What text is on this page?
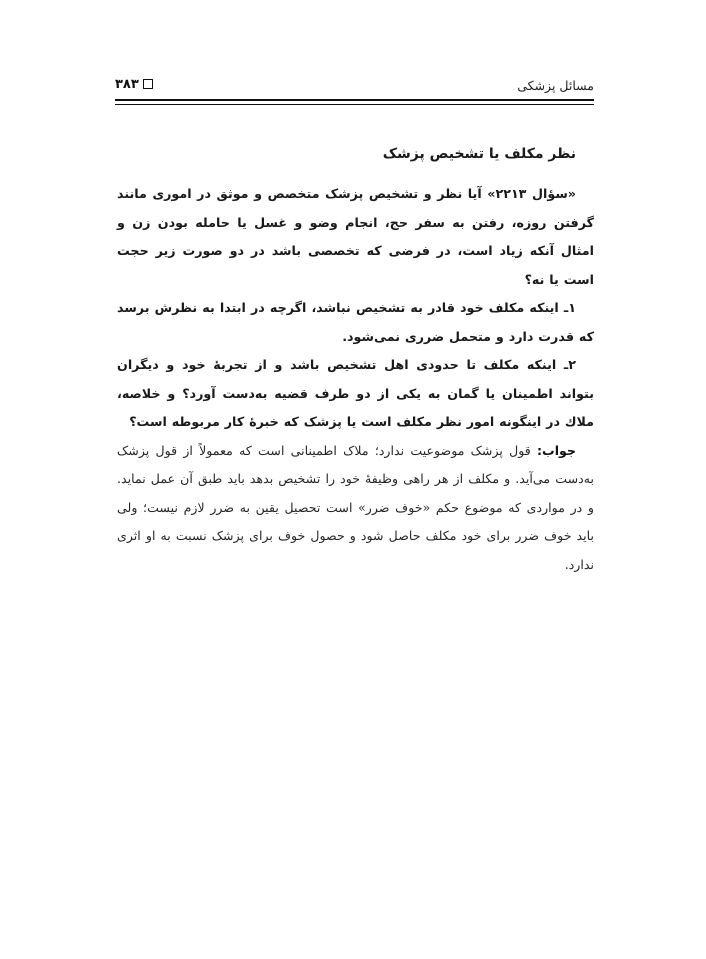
مسائل پزشکی
۳۸۳
نظر مکلف یا تشخیص پزشک

«سؤال ۲۲۱۳» آیا نظر و تشخیص پزشک متخصص و موثق در اموری مانند گرفتن روزه، رفتن به سفر حج، انجام وضو و غسل یا حامله بودن زن و امثال آنکه زیاد است، در فرضی که تخصصی باشد در دو صورت زیر حجت است یا نه؟

۱ـ اینکه مکلف خود قادر به تشخیص نباشد، اگرچه در ابتدا به نظرش برسد که قدرت دارد و متحمل ضرری نمی‌شود.

۲ـ اینکه مکلف تا حدودی اهل تشخیص باشد و از تجربهٔ خود و دیگران بتواند اطمینان یا گمان به یکی از دو طرف قضیه به‌دست آورد؟ و خلاصه، ملاك در اینگونه امور نظر مکلف است یا پزشک که خبرهٔ کار مربوطه است؟

جواب: قول پزشک موضوعیت ندارد؛ ملاک اطمینانی است که معمولاً از قول پزشک به‌دست می‌آید. و مکلف از هر راهی وظیفهٔ خود را تشخیص بدهد باید طبق آن عمل نماید. و در مواردی که موضوع حکم «خوف ضرر» است تحصیل یقین به ضرر لازم نیست؛ ولی باید خوف ضرر برای خود مکلف حاصل شود و حصول خوف برای پزشک نسبت به او اثری ندارد.
